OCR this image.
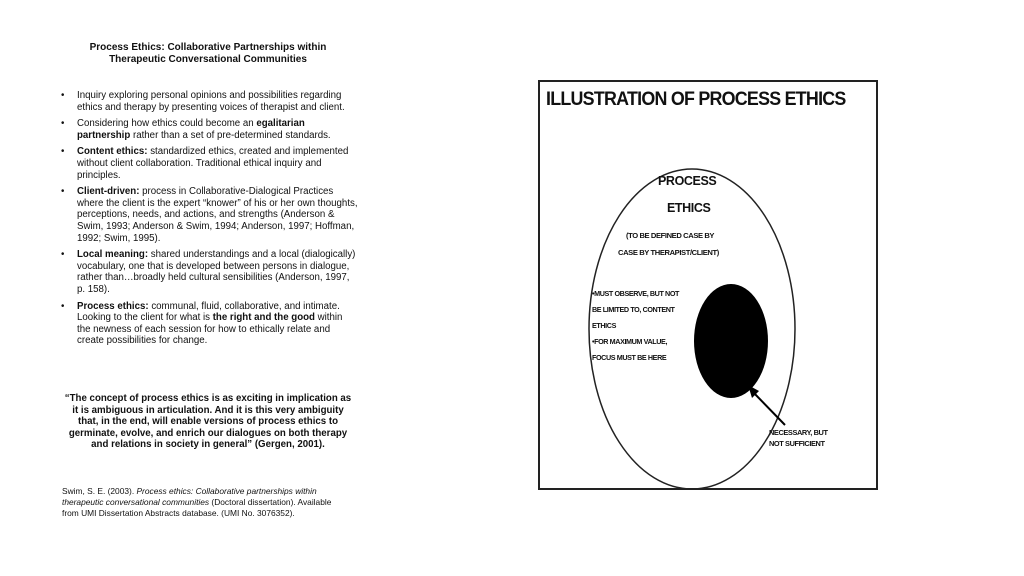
Process Ethics: Collaborative Partnerships within
Therapeutic Conversational Communities
• Inquiry exploring personal opinions and possibilities regarding ethics and therapy by presenting voices of therapist and client.
• Considering how ethics could become an egalitarian partnership rather than a set of pre-determined standards.
• Content ethics: standardized ethics, created and implemented without client collaboration. Traditional ethical inquiry and principles.
• Client-driven: process in Collaborative-Dialogical Practices where the client is the expert “knower” of his or her own thoughts, perceptions, needs, and actions, and strengths (Anderson & Swim, 1993; Anderson & Swim, 1994; Anderson, 1997; Hoffman, 1992; Swim, 1995).
• Local meaning: shared understandings and a local (dialogically) vocabulary, one that is developed between persons in dialogue, rather than…broadly held cultural sensibilities (Anderson, 1997, p. 158).
• Process ethics: communal, fluid, collaborative, and intimate. Looking to the client for what is the right and the good within the newness of each session for how to ethically relate and create possibilities for change.
“The concept of process ethics is as exciting in implication as it is ambiguous in articulation. And it is this very ambiguity that, in the end, will enable versions of process ethics to germinate, evolve, and enrich our dialogues on both therapy and relations in society in general” (Gergen, 2001).
Swim, S. E. (2003). Process ethics: Collaborative partnerships within therapeutic conversational communities (Doctoral dissertation). Available from UMI Dissertation Abstracts database. (UMI No. 3076352).
ILLUSTRATION OF PROCESS ETHICS
PROCESS
ETHICS
(TO BE DEFINED CASE BY
CASE BY THERAPIST/CLIENT)
•MUST OBSERVE, BUT NOT
BE LIMITED TO, CONTENT
ETHICS
•FOR MAXIMUM VALUE,
FOCUS MUST BE HERE
NECESSARY, BUT
NOT SUFFICIENT
